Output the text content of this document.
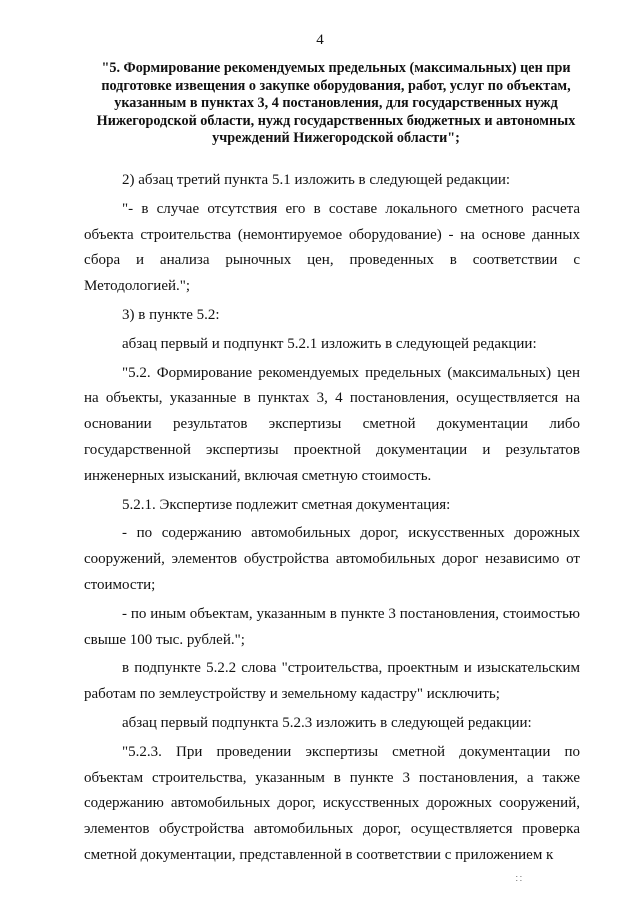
4
"5. Формирование рекомендуемых предельных (максимальных) цен при подготовке извещения о закупке оборудования, работ, услуг по объектам, указанным в пунктах 3, 4 постановления, для государственных нужд Нижегородской области, нужд государственных бюджетных и автономных учреждений Нижегородской области";

2) абзац третий пункта 5.1 изложить в следующей редакции:

"- в случае отсутствия его в составе локального сметного расчета объекта строительства (немонтируемое оборудование) - на основе данных сбора и анализа рыночных цен, проведенных в соответствии с Методологией.";

3) в пункте 5.2:

абзац первый и подпункт 5.2.1 изложить в следующей редакции:

"5.2. Формирование рекомендуемых предельных (максимальных) цен на объекты, указанные в пунктах 3, 4 постановления, осуществляется на основании результатов экспертизы сметной документации либо государственной экспертизы проектной документации и результатов инженерных изысканий, включая сметную стоимость.

5.2.1. Экспертизе подлежит сметная документация:

- по содержанию автомобильных дорог, искусственных дорожных сооружений, элементов обустройства автомобильных дорог независимо от стоимости;

- по иным объектам, указанным в пункте 3 постановления, стоимостью свыше 100 тыс. рублей.";

в подпункте 5.2.2 слова "строительства, проектным и изыскательским работам по землеустройству и земельному кадастру" исключить;

абзац первый подпункта 5.2.3 изложить в следующей редакции:

"5.2.3. При проведении экспертизы сметной документации по объектам строительства, указанным в пункте 3 постановления, а также содержанию автомобильных дорог, искусственных дорожных сооружений, элементов обустройства автомобильных дорог, осуществляется проверка сметной документации, представленной в соответствии с приложением к

∷
